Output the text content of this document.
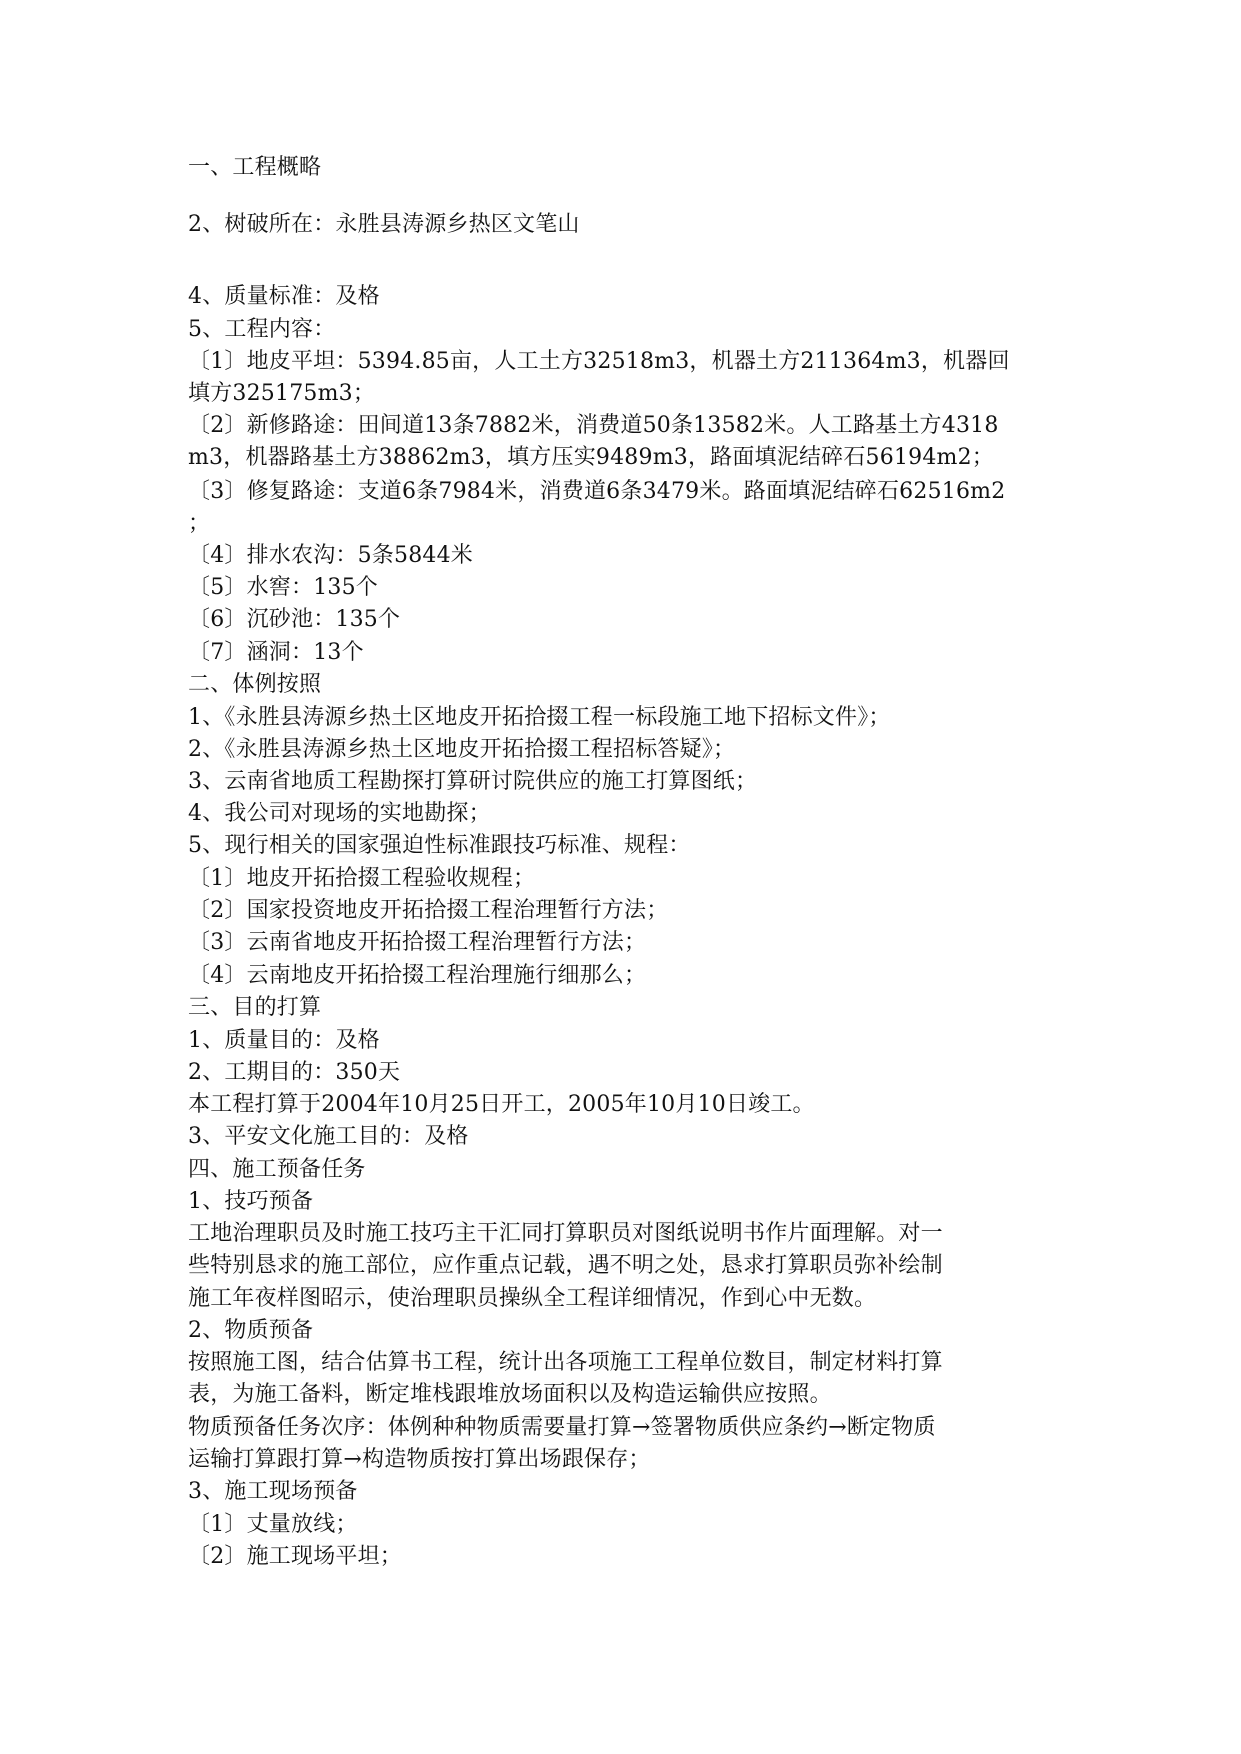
一、工程概略
2、树破所在：永胜县涛源乡热区文笔山
4、质量标准：及格
5、工程内容：
〔1〕地皮平坦：5394.85亩，人工土方32518m3，机器土方211364m3，机器回
填方325175m3；
〔2〕新修路途：田间道13条7882米，消费道50条13582米。人工路基土方4318
m3，机器路基土方38862m3，填方压实9489m3，路面填泥结碎石56194m2；
〔3〕修复路途：支道6条7984米，消费道6条3479米。路面填泥结碎石62516m2
；
〔4〕排水农沟：5条5844米
〔5〕水窖：135个
〔6〕沉砂池：135个
〔7〕涵洞：13个
二、体例按照
1、《永胜县涛源乡热土区地皮开拓拾掇工程一标段施工地下招标文件》；
2、《永胜县涛源乡热土区地皮开拓拾掇工程招标答疑》；
3、云南省地质工程勘探打算研讨院供应的施工打算图纸；
4、我公司对现场的实地勘探；
5、现行相关的国家强迫性标准跟技巧标准、规程：
〔1〕地皮开拓拾掇工程验收规程；
〔2〕国家投资地皮开拓拾掇工程治理暂行方法；
〔3〕云南省地皮开拓拾掇工程治理暂行方法；
〔4〕云南地皮开拓拾掇工程治理施行细那么；
三、目的打算
1、质量目的：及格
2、工期目的：350天
本工程打算于2004年10月25日开工，2005年10月10日竣工。
3、平安文化施工目的：及格
四、施工预备任务
1、技巧预备
工地治理职员及时施工技巧主干汇同打算职员对图纸说明书作片面理解。对一
些特别恳求的施工部位，应作重点记载，遇不明之处，恳求打算职员弥补绘制
施工年夜样图昭示，使治理职员操纵全工程详细情况，作到心中无数。
2、物质预备
按照施工图，结合估算书工程，统计出各项施工工程单位数目，制定材料打算
表，为施工备料，断定堆栈跟堆放场面积以及构造运输供应按照。
物质预备任务次序：体例种种物质需要量打算→签署物质供应条约→断定物质
运输打算跟打算→构造物质按打算出场跟保存；
3、施工现场预备
〔1〕丈量放线；
〔2〕施工现场平坦；
